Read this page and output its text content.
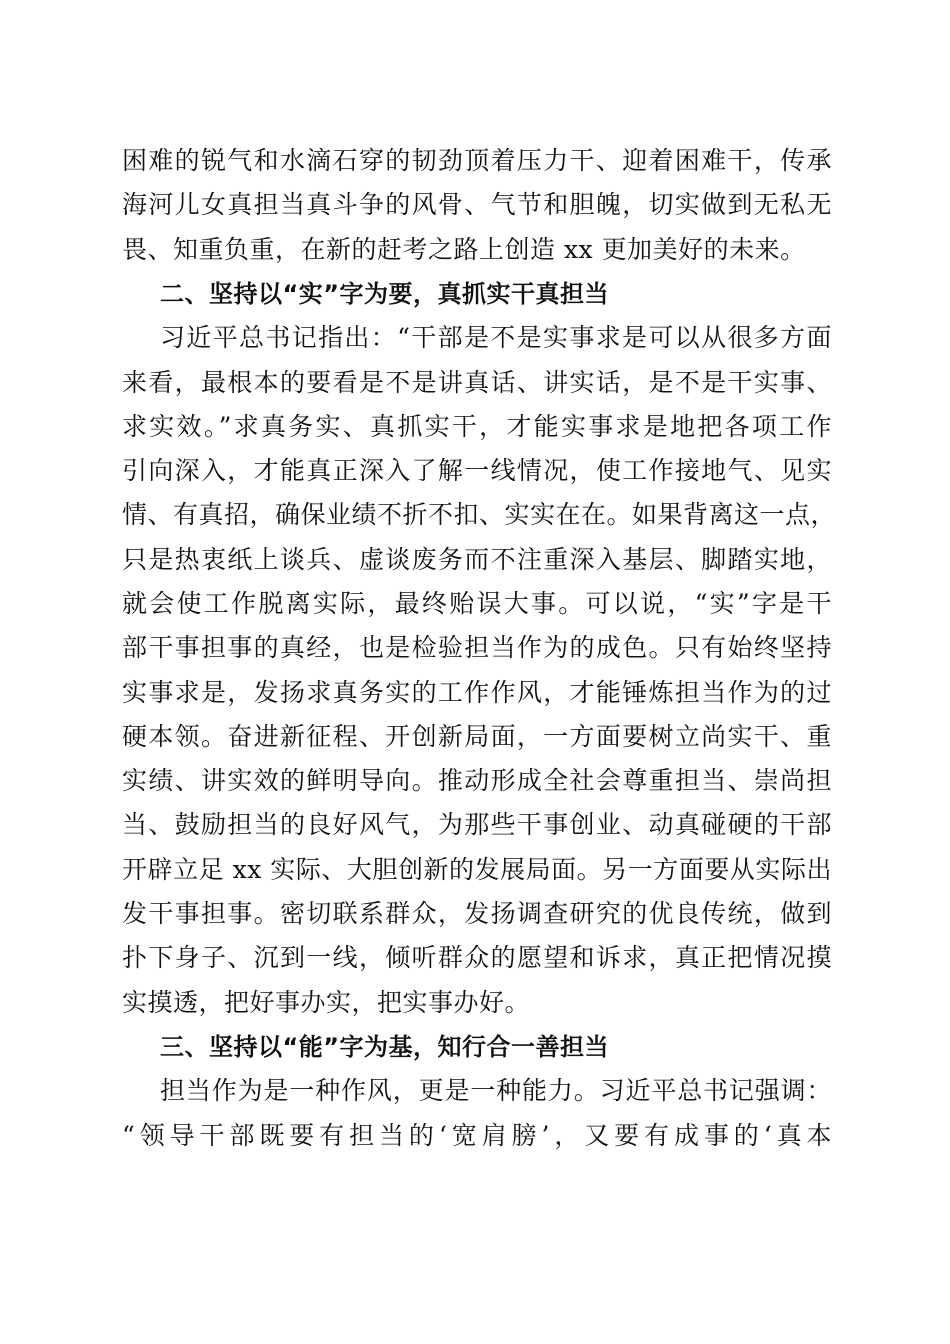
困难的锐气和水滴石穿的韧劲顶着压力干、迎着困难干，传承
海河儿女真担当真斗争的风骨、气节和胆魄，切实做到无私无
畏、知重负重，在新的赶考之路上创造 xx 更加美好的未来。
二、坚持以“实”字为要，真抓实干真担当
习近平总书记指出：“干部是不是实事求是可以从很多方面
来看，最根本的要看是不是讲真话、讲实话，是不是干实事、
求实效。”求真务实、真抓实干，才能实事求是地把各项工作
引向深入，才能真正深入了解一线情况，使工作接地气、见实
情、有真招，确保业绩不折不扣、实实在在。如果背离这一点，
只是热衷纸上谈兵、虚谈废务而不注重深入基层、脚踏实地，
就会使工作脱离实际，最终贻误大事。可以说，“实”字是干
部干事担事的真经，也是检验担当作为的成色。只有始终坚持
实事求是，发扬求真务实的工作作风，才能锤炼担当作为的过
硬本领。奋进新征程、开创新局面，一方面要树立尚实干、重
实绩、讲实效的鲜明导向。推动形成全社会尊重担当、崇尚担
当、鼓励担当的良好风气，为那些干事创业、动真碰硬的干部
开辟立足 xx 实际、大胆创新的发展局面。另一方面要从实际出
发干事担事。密切联系群众，发扬调查研究的优良传统，做到
扑下身子、沉到一线，倾听群众的愿望和诉求，真正把情况摸
实摸透，把好事办实，把实事办好。
三、坚持以“能”字为基，知行合一善担当
担当作为是一种作风，更是一种能力。习近平总书记强调：
“领导干部既要有担当的‘宽肩膀’，又要有成事的‘真本
